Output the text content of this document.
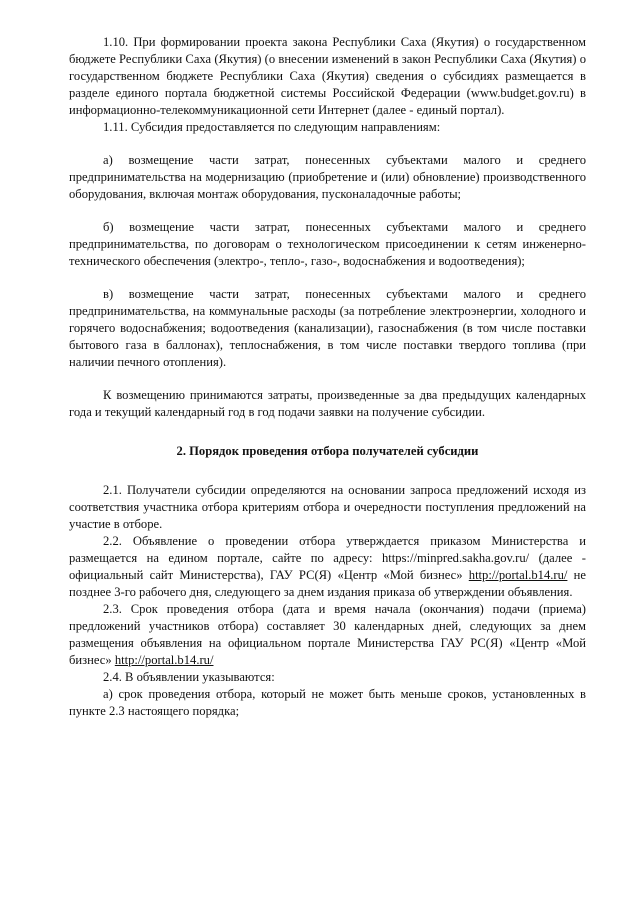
1.10. При формировании проекта закона Республики Саха (Якутия) о государственном бюджете Республики Саха (Якутия) (о внесении изменений в закон Республики Саха (Якутия) о государственном бюджете Республики Саха (Якутия) сведения о субсидиях размещается в разделе единого портала бюджетной системы Российской Федерации (www.budget.gov.ru) в информационно-телекоммуникационной сети Интернет (далее - единый портал).

1.11. Субсидия предоставляется по следующим направлениям:

а) возмещение части затрат, понесенных субъектами малого и среднего предпринимательства на модернизацию (приобретение и (или) обновление) производственного оборудования, включая монтаж оборудования, пусконаладочные работы;

б) возмещение части затрат, понесенных субъектами малого и среднего предпринимательства, по договорам о технологическом присоединении к сетям инженерно-технического обеспечения (электро-, тепло-, газо-, водоснабжения и водоотведения);

в) возмещение части затрат, понесенных субъектами малого и среднего предпринимательства, на коммунальные расходы (за потребление электроэнергии, холодного и горячего водоснабжения; водоотведения (канализации), газоснабжения (в том числе поставки бытового газа в баллонах), теплоснабжения, в том числе поставки твердого топлива (при наличии печного отопления).

К возмещению принимаются затраты, произведенные за два предыдущих календарных года и текущий календарный год в год подачи заявки на получение субсидии.

2. Порядок проведения отбора получателей субсидии

2.1. Получатели субсидии определяются на основании запроса предложений исходя из соответствия участника отбора критериям отбора и очередности поступления предложений на участие в отборе.

2.2. Объявление о проведении отбора утверждается приказом Министерства и размещается на едином портале, сайте по адресу: https://minpred.sakha.gov.ru/ (далее - официальный сайт Министерства), ГАУ РС(Я) «Центр «Мой бизнес» http://portal.b14.ru/ не позднее 3-го рабочего дня, следующего за днем издания приказа об утверждении объявления.

2.3. Срок проведения отбора (дата и время начала (окончания) подачи (приема) предложений участников отбора) составляет 30 календарных дней, следующих за днем размещения объявления на официальном портале Министерства ГАУ РС(Я) «Центр «Мой бизнес» http://portal.b14.ru/

2.4. В объявлении указываются:

а) срок проведения отбора, который не может быть меньше сроков, установленных в пункте 2.3 настоящего порядка;
